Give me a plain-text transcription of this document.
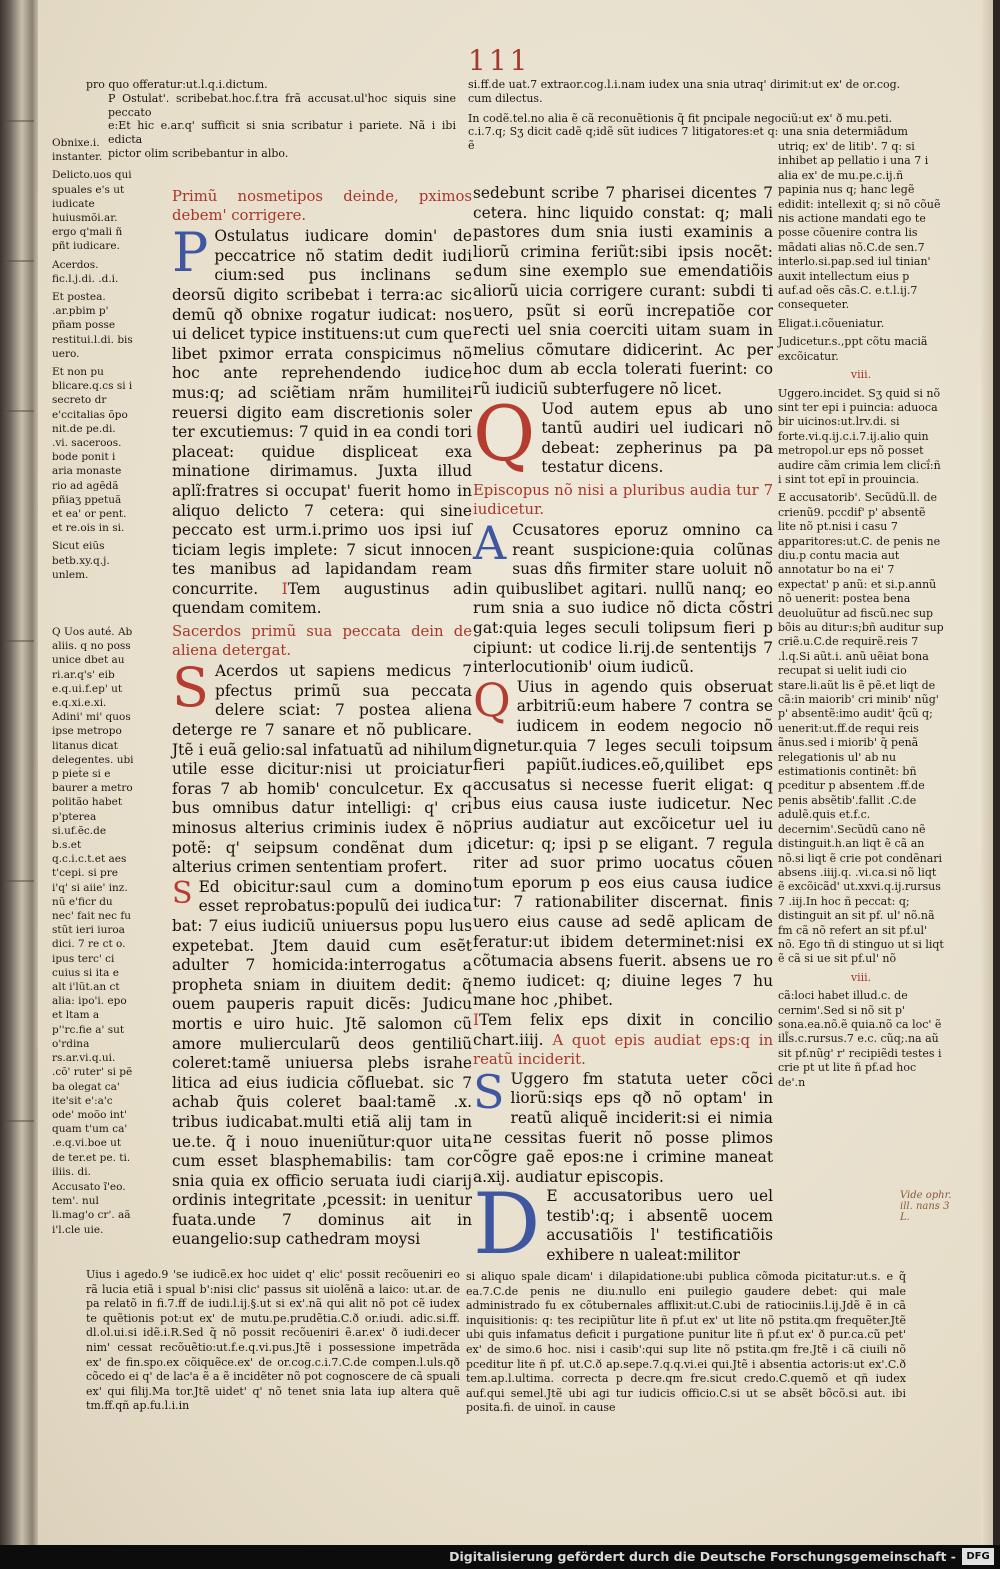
111

pro quo offeratur:ut.l.q.i.dictum.

P Ostulat'. scribebat.hoc.f.tra frã accusat.ul'hoc siquis sine peccato

e:Et hic e.ar.q' sufficit si snia scribatur i pariete. Nã i ibi edicta

pictor olim scribebantur in albo.

si.ff.de uat.7 extraor.cog.l.i.nam iudex una snia utraq' dirimit:ut ex' de or.cog.

cum dilectus.

In codẽ.tel.no alia ẽ cã reconuẽtionis q̃ fit pncipale negociũ:ut ex' ð mu.peti.

c.i.7.q; Sʒ dicit cadẽ q;idẽ sũt iudices 7 litigatores:et q: una snia determiādum ẽ

Obnixe.i. instanter.

Delicto.uos qui spuales e's ut iudicate huiusmõi.ar. ergo q'mali ñ pñt iudicare.

Acerdos. fic.l.j.di. .d.i.

Et postea. .ar.pbim p' pñam posse restitui.l.di. bis uero.

Et non pu blicare.q.cs si i secreto dr e'ccitalias õpo nit.de pe.di. .vi. saceroos. bode ponit i aria monaste rio ad agẽdã pñiaʒ ppetuã et ea' or pent. et re.ois in si.

Sicut eiũs betb.xy.q.j. unlem.

Q Uos auté. Ab aliis. q no poss unice dbet au ri.ar.q's' eib e.q.ui.f.ep' ut e.q.xi.e.xi. Adini' mi' quos ipse metropo litanus dicat delegentes. ubi p pieṫe si e baurer a metro politão habet p'pterea si.uf.ẽc.de b.s.et q.c.i.c.t.et aes t'cepi. si pre i'q' si aiie' inz. nũ e'ficr du nec' fait nec fu stũt ieri iuroa dici. 7 re ct o. ipus terc' ci cuius si ita e alt i'lũt.an ct alia: ipo'i. epo et ltam a p''rc.fie a' sut o'rdina rs.ar.vi.q.ui. .cõ' ruter' si pẽ ba olegat ca' ite'sit e':a'c ode' moõo int' quam t'um ca' .e.q.vi.boe ut de ter.et pe. ti. iliis. di.

Accusato ĩ'eo. tem'. nul li.mag'o cr'. aã i'l.cle uie.

Primũ nosmetipos deinde, pximos debem' corrigere.

P Ostulatus iudicare domin' de peccatrice nõ statim dedit iudi cium:sed pus inclinans se deorsũ digito scribebat i terra:ac sic demũ qð obnixe rogatur iudicat: nos ui delicet typice instituens:ut cum que libet pximor errata conspicimus nõ hoc ante reprehendendo iudice mus:q; ad sciẽtiam nrãm humilitei reuersi digito eam discretionis soler ter excutiemus: 7 quid in ea condi tori placeat: quidue displiceat exa minatione dirimamus. Juxta illud aplĩ:fratres si occupat' fuerit homo in aliquo delicto 7 cetera: qui sine peccato est urm.i.primo uos ipsi iuſ ticiam legis implete: 7 sicut innocen tes manibus ad lapidandam ream concurrite. ITem augustinus ad quendam comitem.

Sacerdos primũ sua peccata dein de aliena detergat.

S Acerdos ut sapiens medicus 7 pfectus primũ sua peccata delere sciat: 7 postea aliena deterge re 7 sanare et nõ publicare. Jtẽ i euã gelio:sal infatuatũ ad nihilum utile esse dicitur:nisi ut proiciatur foras 7 ab homib' conculcetur. Ex q bus omnibus datur intelligi: q' cri minosus alterius criminis iudex ẽ nõ potẽ: q' seipsum condẽnat dum i alterius crimen sententiam profert.

S Ed obicitur:saul cum a domino esset reprobatus:populũ dei iudica bat: 7 eius iudiciũ uniuersus popu lus expetebat. Jtem dauid cum esẽt adulter 7 homicida:interrogatus a propheta sniam in diuitem dedit: q̃ ouem pauperis rapuit dicẽs: Judicu mortis e uiro huic. Jtẽ salomon cũ amore muliercularũ deos gentiliũ coleret:tamẽ uniuersa plebs israhe litica ad eius iudicia cõfluebat. sic 7 achab q̃uis coleret baal:tamẽ .x. tribus iudicabat.multi etiã alij tam in ue.te. q̃ i nouo inueniũtur:quor uita cum esset blasphemabilis: tam cor snia quia ex officio seruata iudi ciarij ordinis integritate ,pcessit: in uenitur fuata.unde 7 dominus ait in euangelio:sup cathedram moysi

sedebunt scribe 7 pharisei dicentes 7 cetera. hinc liquido constat: q; mali pastores dum snia iusti examinis a liorũ crimina feriũt:sibi ipsis nocẽt: dum sine exemplo sue emendatiõis aliorũ uicia corrigere curant: subdi ti uero, psũt si eorũ increpatiõe cor recti uel snia coerciti uitam suam in melius cõmutare didicerint. Ac per hoc dum ab eccla tolerati fuerint: co rũ iudiciũ subterfugere nõ licet.

Q Uod autem epus ab uno tantũ audiri uel iudicari nõ debeat: zepherinus pa pa testatur dicens.

Episcopus nõ nisi a pluribus audia tur 7 iudicetur.

A Ccusatores eporuz omnino ca reant suspicione:quia colũnas suas dñs firmiter stare uoluit nõ in quibuslibet agitari. nullũ nanq; eo rum snia a suo iudice nõ dicta cõstri gat:quia leges seculi tolipsum fieri p cipiunt: ut codice li.rij.de sententijs 7 interlocutionib' oium iudicũ.

Q Uius in agendo quis obseruat arbitriũ:eum habere 7 contra se iudicem in eodem negocio nõ dignetur.quia 7 leges seculi toipsum fieri papiũt.iudices.eõ,quilibet eps accusatus si necesse fuerit eligat: q bus eius causa iuste iudicetur. Nec prius audiatur aut excõicetur uel iu dicetur: q; ipsi p se eligant. 7 regula riter ad suor primo uocatus cõuen tum eporum p eos eius causa iudice tur: 7 rationabiliter discernat. finis uero eius cause ad sedẽ aplicam de feratur:ut ibidem determinet:nisi ex cõtumacia absens fuerit. absens ue ro nemo iudicet: q; diuine leges 7 hu mane hoc ,phibet.

ITem felix eps dixit in concilio chart.iiij. A quot epis audiat eps:q in reatũ inciderit.

S Uggero fm statuta ueter cõci liorũ:siqs eps qð nõ optam' in reatũ aliquẽ inciderit:si ei nimia ne cessitas fuerit nõ posse plimos cõgre gaẽ epos:ne i crimine maneat a.xij. audiatur episcopis.

D E accusatoribus uero uel testib':q; i absentẽ uocem accusatiõis l' testificatiõis exhibere n ualeat:militor

utriq; ex' de litib'. 7 q: si inhibet ap pellatio i una 7 i alia ex' de mu.pe.c.ij.ñ papinia nus q; hanc legẽ edidit: intellexit q; si nõ cõuẽ nis actione mandati ego te posse cõuenire contra lis mãdati alias nõ.C.de sen.7 interlo.si.pap.sed iul tinian' auxit intellectum eius p auf.ad oẽs cãs.C. e.t.l.ij.7 consequeter.

Eligat.i.cõueniatur.

Judicetur.s.,ppt cõtu maciã excõicatur.

viii.

Uggero.incidet. Sʒ quid si nõ sint ter epi i puincia: aduoca bir uicinos:ut.lrv.di. si forte.vi.q.ij.c.i.7.ij.alio quin metropol.ur eps nõ posset audire cãm crimia lem clicḯ:ñ i sint tot epĩ in prouincia.

E accusatorib'. Secũdũ.ll. de crienũ9. pccdif' p' absentẽ lite nõ pt.nisi i casu 7 apparitores:ut.C. de penis ne diu.p contu macia aut annotatur bo na ei' 7 expectat' p anũ: et si.p.annũ nõ uenerit: postea bena deuoluũtur ad fiscũ.nec sup bõis au ditur:s;bñ auditur sup criẽ.u.C.de requirẽ.reis 7 .l.q.Si aũt.i. anũ uẽiat bona recupat si uelit iudi cio stare.li.aũt lis ẽ pẽ.et liqt de cã:in maiorib' cri minib' nũg' p' absentẽ:imo audit' q̃cũ q; uenerit:ut.ff.de requi reis ãnus.sed i miorib' q̃ penã relegationis ul' ab nu estimationis continẽt: bñ pceditur p absentem .ff.de penis absẽtib'.fallit .C.de adulẽ.quis et.f.c. decernim'.Secũdũ cano nẽ distinguit.h.an liqt ẽ cã an nõ.si liqt ẽ crie pot condẽnari absens .iiij.q. .vi.ca.si nõ liqt ẽ excõicãd' ut.xxvi.q.ij.rursus 7 .iij.In hoc ñ peccat: q; distinguit an sit pf. ul' nõ.nã fm cã nõ refert an sit pf.ul' nõ. Ego tñ di stinguo ut si liqt ẽ cã si ue sit pf.ul' nõ

viii.

cã:loci habet illud.c. de cernim'.Sed si nõ sit p' sona.ea.nõ.ẽ quia.nõ ca loc' ẽ ill̃s.c.rursus.7 e.c. cũq;.na aũ sit pf.nũg' r' recipiẽdi testes i crie pt ut lite ñ pf.ad hoc de'.n

Uius i agedo.9 'se iudicẽ.ex hoc uidet q' elic' possit recõueniri eo rã lucia etiã i spual b':nisi clic' passus sit uiolẽnã a laico: ut.ar. de pa relatõ in fi.7.ff de iudi.l.ij.§.ut si ex'.nã qui alit nõ pot cẽ iudex te quẽtionis pot:ut ex' de mutu.pe.prudẽtia.C.ð or.iudi. adic.si.ff. dl.ol.ui.si idẽ.i.R.Sed q̃ nõ possit recõueniri ẽ.ar.ex' ð iudi.decer nim' cessat recõuẽtio:ut.f.e.q.vi.pus.Jtẽ i possessione impetrãda ex' de fin.spo.ex cõiquẽce.ex' de or.cog.c.i.7.C.de compen.l.uls.qð cõcedo ei q' de lac'a ẽ a ẽ incidẽter nõ pot cognoscere de cã spuali ex' qui filij.Ma tor.Jtẽ uidet' q' nõ tenet snia lata iup altera quẽ tm.ff.qñ ap.fu.l.i.in

si aliquo spale dicam' i dilapidatione:ubi publica cõmoda picitatur:ut.s. e q̃ ea.7.C.de penis ne diu.nullo eni puilegio gaudere debet: qui male administrado fu ex cõtubernales afflixit:ut.C.ubi de ratiociniis.l.ij.Jdẽ ẽ in cã inquisitionis: q: tes recipiũtur lite ñ pf.ut ex' ut lite nõ pstita.qm frequẽter.Jtẽ ubi quis infamatus deficit i purgatione punitur lite ñ pf.ut ex' ð pur.ca.cũ pet' ex' de simo.6 hoc. nisi i casib':qui sup lite nõ pstita.qm fre.Jtẽ i cã ciuili nõ pceditur lite ñ pf. ut.C.ð ap.sepe.7.q.q.vi.ei qui.Jtẽ i absentia actoris:ut ex'.C.ð tem.ap.l.ultima. correcta p decre.qm fre.sicut credo.C.quemõ et qñ iudex auf.qui semel.Jtẽ ubi agi tur iudicis officio.C.si ut se absẽt bõcõ.si aut. ibi posita.fi. de uinoĩ. in cause

Vide ophr. ill. nans 3 L.
Digitalisierung gefördert durch die Deutsche Forschungsgemeinschaft -	DFG
